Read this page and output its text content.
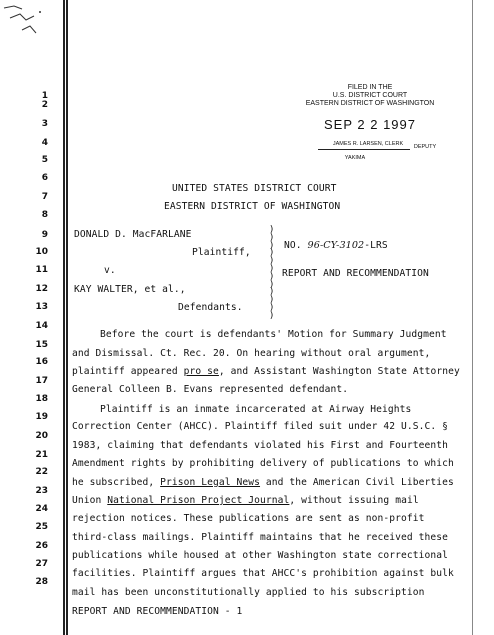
1
2
3
4
5
6
7
8
9
10
11
12
13
14
15
16
17
18
19
20
21
22
23
24
25
26
27
28
FILED IN THE
U.S. DISTRICT COURT
EASTERN DISTRICT OF WASHINGTON
SEP 2 2 1997
JAMES R. LARSEN, CLERK	DEPUTY
YAKIMA
UNITED STATES DISTRICT COURT
EASTERN DISTRICT OF WASHINGTON
DONALD D. MacFARLANE
Plaintiff,
v.
KAY WALTER, et al.,
Defendants.
)
)
)
)
)
)
)
)
)
)
)
)
NO. 96-CY-3102-LRS
REPORT AND RECOMMENDATION
Before the court is defendants' Motion for Summary Judgment
and Dismissal. Ct. Rec. 20. On hearing without oral argument,
plaintiff appeared pro se, and Assistant Washington State Attorney
General Colleen B. Evans represented defendant.
Plaintiff is an inmate incarcerated at Airway Heights
Correction Center (AHCC). Plaintiff filed suit under 42 U.S.C. §
1983, claiming that defendants violated his First and Fourteenth
Amendment rights by prohibiting delivery of publications to which
he subscribed, Prison Legal News and the American Civil Liberties
Union National Prison Project Journal, without issuing mail
rejection notices. These publications are sent as non-profit
third-class mailings. Plaintiff maintains that he received these
publications while housed at other Washington state correctional
facilities. Plaintiff argues that AHCC's prohibition against bulk
mail has been unconstitutionally applied to his subscription
REPORT AND RECOMMENDATION - 1
